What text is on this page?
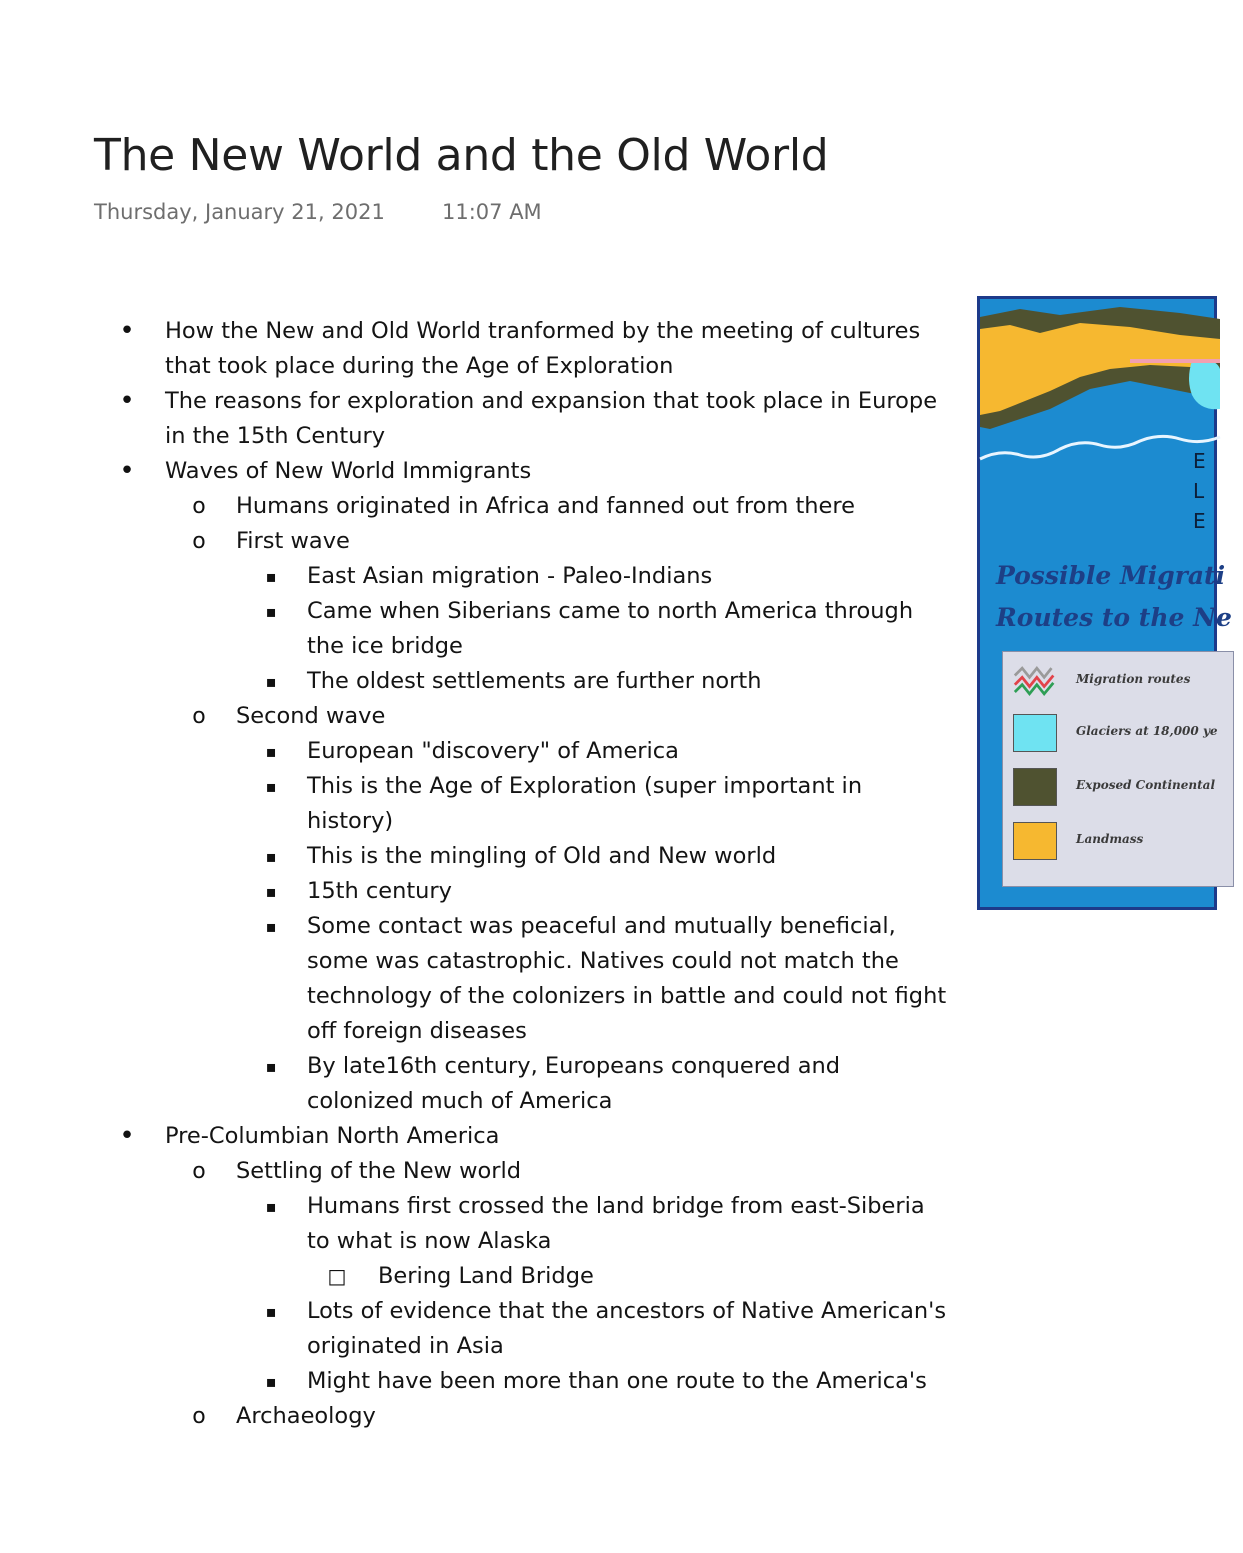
The New World and the Old World
Thursday, January 21, 2021	11:07 AM
• How the New and Old World tranformed by the meeting of cultures
that took place during the Age of Exploration
• The reasons for exploration and expansion that took place in Europe
in the 15th Century
• Waves of New World Immigrants
o Humans originated in Africa and fanned out from there
o First wave
▪ East Asian migration - Paleo-Indians
▪ Came when Siberians came to north America through
the ice bridge
▪ The oldest settlements are further north
o Second wave
▪ European "discovery" of America
▪ This is the Age of Exploration (super important in
history)
▪ This is the mingling of Old and New world
▪ 15th century
▪ Some contact was peaceful and mutually beneficial,
some was catastrophic. Natives could not match the
technology of the colonizers in battle and could not fight
off foreign diseases
▪ By late16th century, Europeans conquered and
colonized much of America
• Pre-Columbian North America
o Settling of the New world
▪ Humans first crossed the land bridge from east-Siberia
to what is now Alaska
□ Bering Land Bridge
▪ Lots of evidence that the ancestors of Native American's
originated in Asia
▪ Might have been more than one route to the America's
o Archaeology
E
L
E
Possible Migrati
Routes to the Ne
Migration routes
Glaciers at 18,000 ye
Exposed Continental
Landmass
